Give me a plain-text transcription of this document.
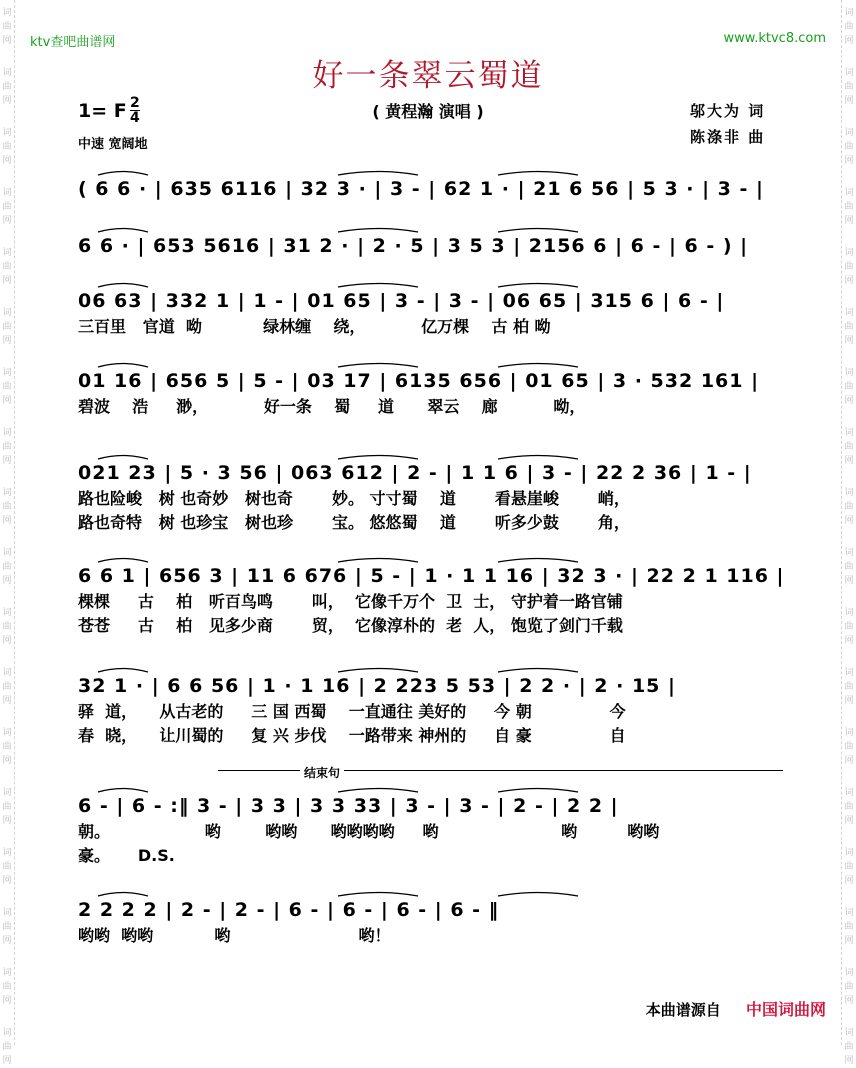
词
曲
网
词
曲
网
词
曲
网
词
曲
网
词
曲
网
词
曲
网
词
曲
网
词
曲
网
词
曲
网
词
曲
网
词
曲
网
词
曲
网
词
曲
网
词
曲
网
词
曲
网
词
曲
网
词
曲
网
词
曲
网
词
曲
网
词
曲
网
词
曲
网
词
曲
网
词
曲
网
词
曲
网
词
曲
网
词
曲
网
词
曲
网
词
曲
网
词
曲
网
词
曲
网
词
曲
网
词
曲
网
词
曲
网
词
曲
网
词
曲
网
词
曲
网
ktv查吧曲谱网	www.ktvc8.com
好一条翠云蜀道
( 黄程瀚 演唱 )
1= F 2
4
中速 宽阔地
邬大为 词
陈涤非 曲
( 6 6 · | 635 6116 | 32 3 · | 3 - | 62 1 · | 21 6 56 | 5 3 · | 3 - |
6 6 · | 653 5616 | 31 2 · | 2 · 5 | 3 5 3 | 2156 6 | 6 - | 6 - ) |
06 63 | 332 1 | 1 - | 01 65 | 3 - | 3 - | 06 65 | 315 6 | 6 - |
三百里   官道  呦           绿林缠    绕，          亿万棵    古 柏 呦
01 16 | 656 5 | 5 - | 03 17 | 6135 656 | 01 65 | 3 · 532 161 |
碧波    浩     渺，          好一条    蜀     道      翠云    廊          呦，
021 23 | 5 · 3 56 | 063 612 | 2 - | 1 1 6 | 3 - | 22 2 36 | 1 - |
路也险峻   树 也奇妙   树也奇       妙。 寸寸蜀    道       看悬崖峻       峭，
路也奇特   树 也珍宝   树也珍       宝。 悠悠蜀    道       听多少鼓       角，
6 6 1 | 656 3 | 11 6 676 | 5 - | 1 · 1 1 16 | 32 3 · | 22 2 1 116 |
棵棵     古    柏   听百鸟鸣       叫，  它像千万个  卫  士， 守护着一路官铺
苍苍     古    柏   见多少商       贸，  它像淳朴的  老  人， 饱览了剑门千载
32 1 · | 6 6 56 | 1 · 1 16 | 2 223 5 53 | 2 2 · | 2 · 15 |
驿  道，    从古老的     三 国 西蜀    一直通往 美好的     今 朝              今
春  晓，    让川蜀的     复 兴 步伐    一路带来 神州的     自 豪              自
6 - | 6 - :‖ 3 - | 3 3 | 3 3 33 | 3 - | 3 - | 2 - | 2 2 |
朝。                 哟        哟哟      哟哟哟哟     哟                      哟         哟哟
豪。     D.S.
2 2 2 2 | 2 - | 2 - | 6 - | 6 - | 6 - | 6 - ‖
哟哟  哟哟           哟                       哟！
结束句
本曲谱源自 中国词曲网
